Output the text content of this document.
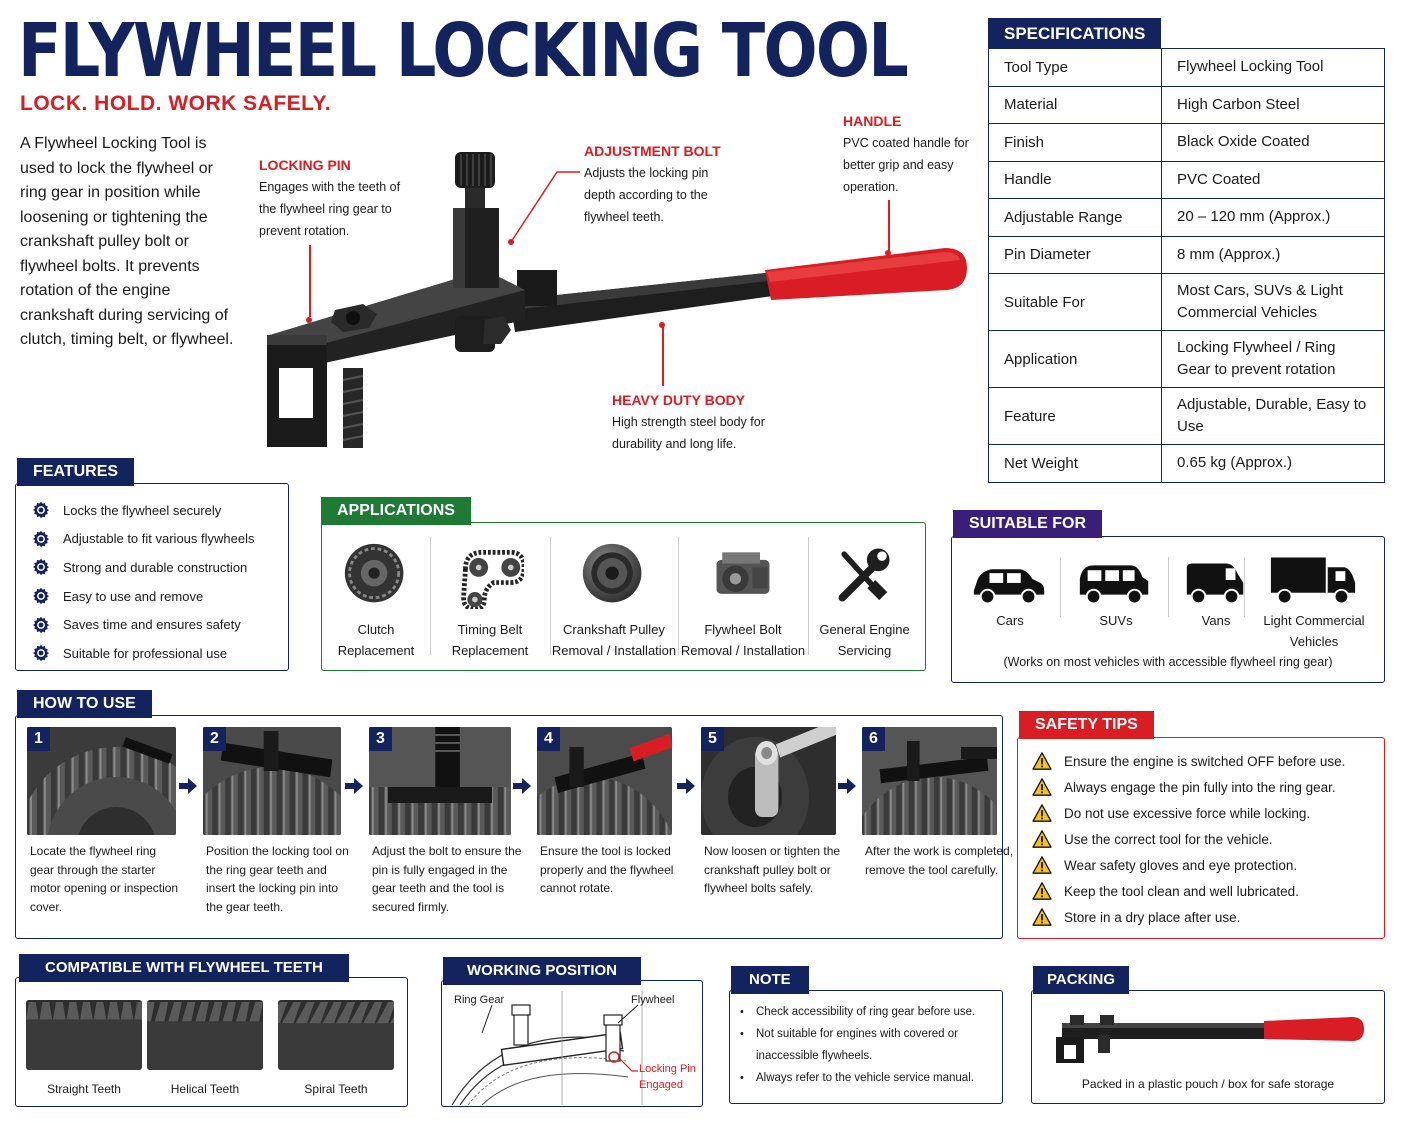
FLYWHEEL LOCKING TOOL
LOCK. HOLD. WORK SAFELY.
A Flywheel Locking Tool is used to lock the flywheel or ring gear in position while loosening or tightening the crankshaft pulley bolt or flywheel bolts. It prevents rotation of the engine crankshaft during servicing of clutch, timing belt, or flywheel.
LOCKING PIN
Engages with the teeth of the flywheel ring gear to prevent rotation.
ADJUSTMENT BOLT
Adjusts the locking pin depth according to the flywheel teeth.
HANDLE
PVC coated handle for better grip and easy operation.
HEAVY DUTY BODY
High strength steel body for durability and long life.
SPECIFICATIONS
Tool Type	Flywheel Locking Tool
Material	High Carbon Steel
Finish	Black Oxide Coated
Handle	PVC Coated
Adjustable Range	20 – 120 mm (Approx.)
Pin Diameter	8 mm (Approx.)
Suitable For	Most Cars, SUVs & Light Commercial Vehicles
Application	Locking Flywheel / Ring Gear to prevent rotation
Feature	Adjustable, Durable, Easy to Use
Net Weight	0.65 kg (Approx.)
Locks the flywheel securely
Adjustable to fit various flywheels
Strong and durable construction
Easy to use and remove
Saves time and ensures safety
Suitable for professional use
FEATURES
Clutch
Replacement
Timing Belt
Replacement
Crankshaft Pulley
Removal / Installation
Flywheel Bolt
Removal / Installation
General Engine
Servicing
APPLICATIONS
Cars	SUVs	Vans	Light Commercial
Vehicles
(Works on most vehicles with accessible flywheel ring gear)
SUITABLE FOR
1
Locate the flywheel ring gear through the starter motor opening or inspection cover.
2
Position the locking tool on the ring gear teeth and insert the locking pin into the gear teeth.
3
Adjust the bolt to ensure the pin is fully engaged in the gear teeth and the tool is secured firmly.
4
Ensure the tool is locked properly and the flywheel cannot rotate.
5
Now loosen or tighten the crankshaft pulley bolt or flywheel bolts safely.
6
After the work is completed, remove the tool carefully.
HOW TO USE
Ensure the engine is switched OFF before use.
Always engage the pin fully into the ring gear.
Do not use excessive force while locking.
Use the correct tool for the vehicle.
Wear safety gloves and eye protection.
Keep the tool clean and well lubricated.
Store in a dry place after use.
SAFETY TIPS
Straight Teeth	Helical Teeth	Spiral Teeth
COMPATIBLE WITH FLYWHEEL TEETH
Ring Gear	Flywheel
Locking Pin
Engaged
WORKING POSITION
•	Check accessibility of ring gear before use.
•	Not suitable for engines with covered or inaccessible flywheels.
•	Always refer to the vehicle service manual.
NOTE
Packed in a plastic pouch / box for safe storage
PACKING
